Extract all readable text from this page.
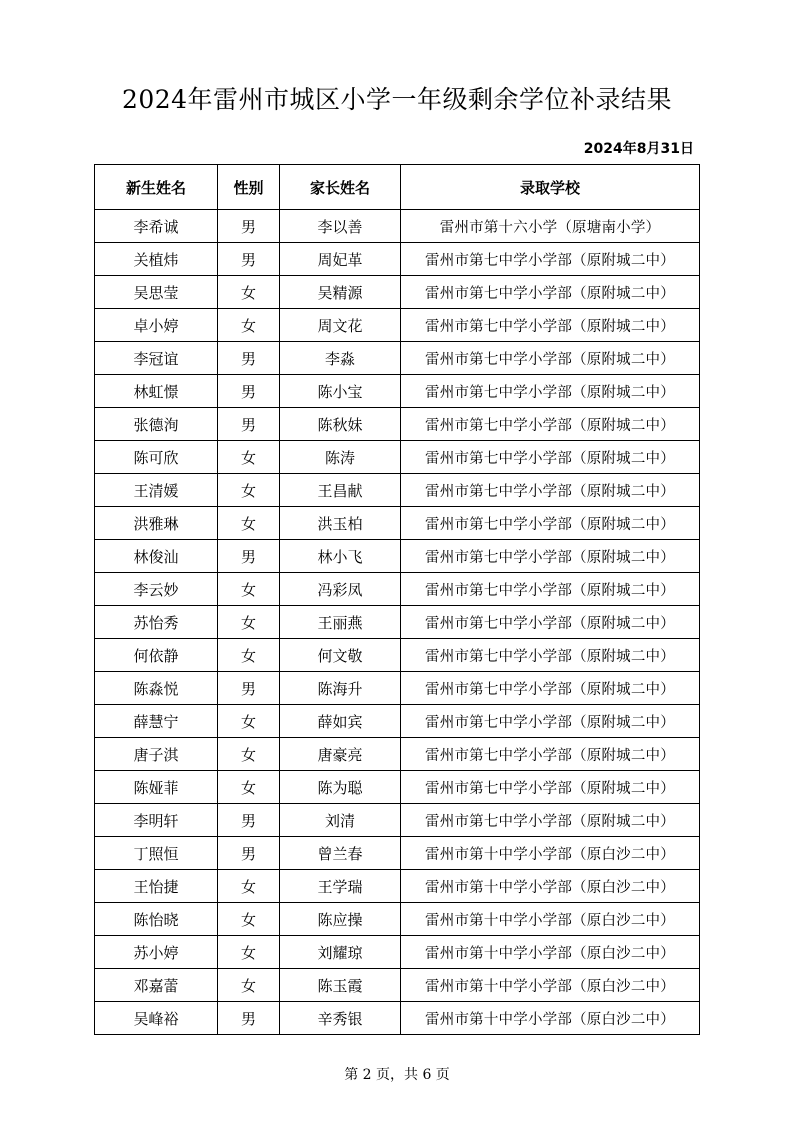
2024年雷州市城区小学一年级剩余学位补录结果
2024年8月31日
新生姓名	性别	家长姓名	录取学校
李希诚	男	李以善	雷州市第十六小学（原塘南小学）
关植炜	男	周妃革	雷州市第七中学小学部（原附城二中）
吴思莹	女	吴精源	雷州市第七中学小学部（原附城二中）
卓小婷	女	周文花	雷州市第七中学小学部（原附城二中）
李冠谊	男	李淼	雷州市第七中学小学部（原附城二中）
林虹憬	男	陈小宝	雷州市第七中学小学部（原附城二中）
张德洵	男	陈秋妹	雷州市第七中学小学部（原附城二中）
陈可欣	女	陈涛	雷州市第七中学小学部（原附城二中）
王清媛	女	王昌献	雷州市第七中学小学部（原附城二中）
洪雅琳	女	洪玉柏	雷州市第七中学小学部（原附城二中）
林俊汕	男	林小飞	雷州市第七中学小学部（原附城二中）
李云妙	女	冯彩凤	雷州市第七中学小学部（原附城二中）
苏怡秀	女	王丽燕	雷州市第七中学小学部（原附城二中）
何依静	女	何文敬	雷州市第七中学小学部（原附城二中）
陈淼悦	男	陈海升	雷州市第七中学小学部（原附城二中）
薛慧宁	女	薛如宾	雷州市第七中学小学部（原附城二中）
唐子淇	女	唐豪亮	雷州市第七中学小学部（原附城二中）
陈娅菲	女	陈为聪	雷州市第七中学小学部（原附城二中）
李明轩	男	刘清	雷州市第七中学小学部（原附城二中）
丁照恒	男	曾兰春	雷州市第十中学小学部（原白沙二中）
王怡捷	女	王学瑞	雷州市第十中学小学部（原白沙二中）
陈怡晓	女	陈应操	雷州市第十中学小学部（原白沙二中）
苏小婷	女	刘耀琼	雷州市第十中学小学部（原白沙二中）
邓嘉蕾	女	陈玉霞	雷州市第十中学小学部（原白沙二中）
吴峰裕	男	辛秀银	雷州市第十中学小学部（原白沙二中）
第 2 页，共 6 页
